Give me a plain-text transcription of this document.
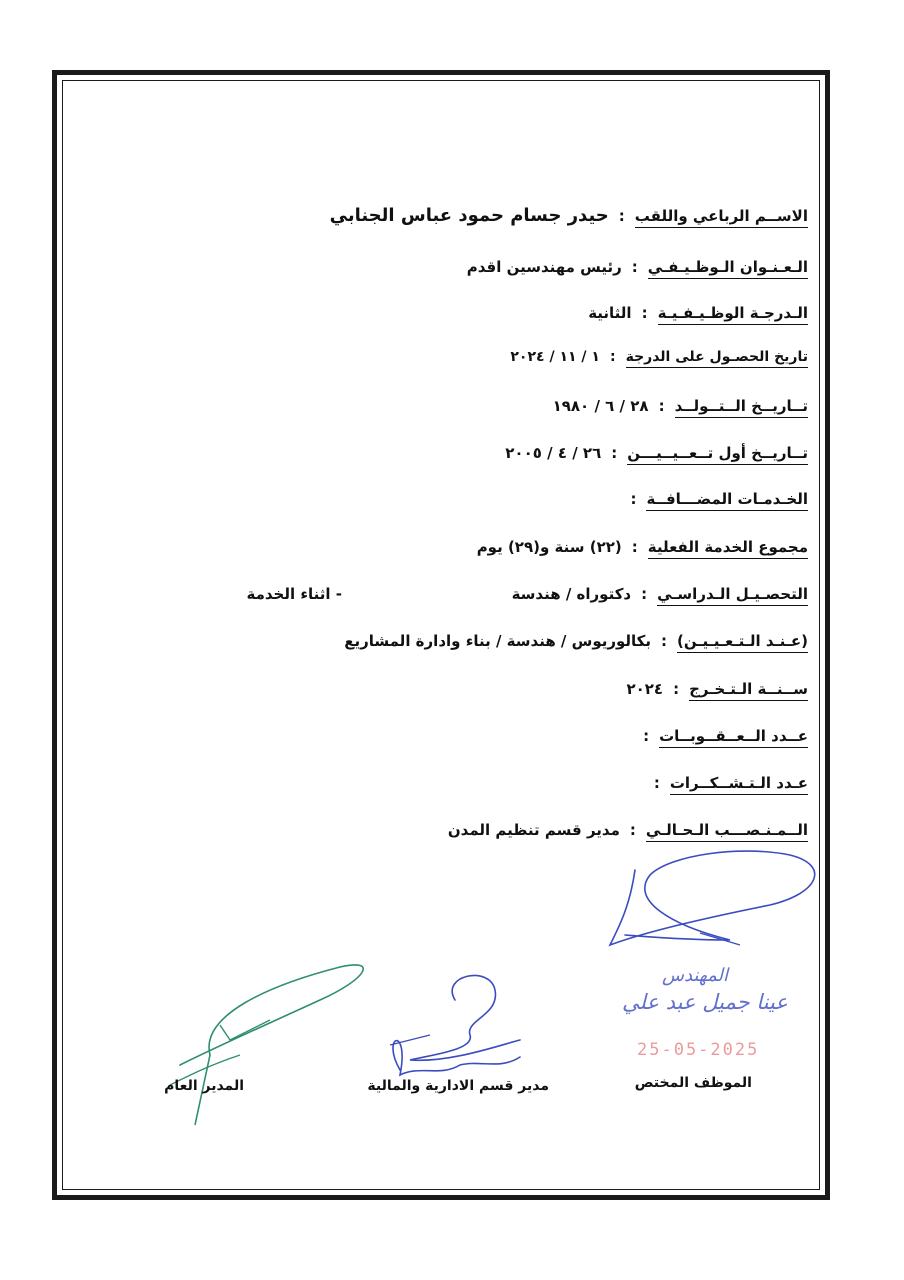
الاســم الرباعي واللقب
:
حيدر جسام حمود عباس الجنابي
الـعـنـوان الـوظـيـفـي
:
رئيس مهندسين اقدم
الـدرجـة الوظـيـفـيـة
:
الثانية
تاريخ الحصـول على الدرجة
:
١ / ١١ / ٢٠٢٤
تــاريــخ الــتــولــد
:
٢٨ / ٦ / ١٩٨٠
تــاريــخ أول تــعــيــيـــن
:
٢٦ / ٤ / ٢٠٠٥
الخـدمـات المضـــافــة
:
مجموع الخدمة الفعلية
:
(٢٢) سنة و(٢٩) يوم
التحصـيـل الـدراسـي
:
دكتوراه / هندسة
- اثناء الخدمة
(عـنـد الـتـعـيـيـن)
:
بكالوريوس / هندسة / بناء وادارة المشاريع
ســنــة الـتـخـرج
:
٢٠٢٤
عــدد الــعــقــوبــات
:
عـدد الـتـشــكــرات
:
الــمـنـصـــب الـحـالـي
:
مدير قسم تنظيم المدن
المهندس
عينا جميل عبد علي
25-05-2025
الموظف المختص
مدير قسم الادارية والمالية
المدير العام
